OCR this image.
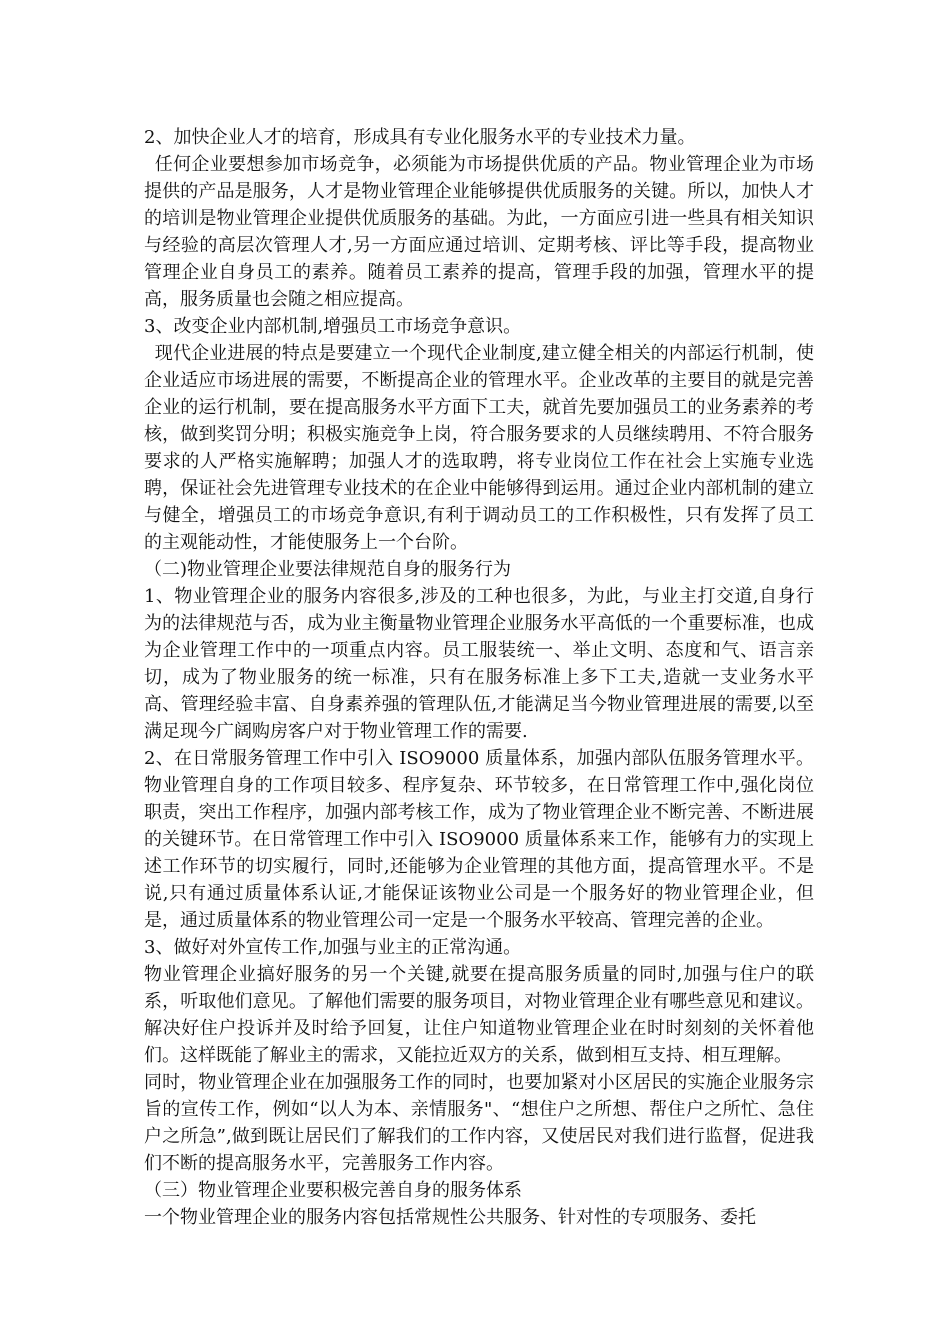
2、加快企业人才的培育，形成具有专业化服务水平的专业技术力量。

任何企业要想参加市场竞争，必须能为市场提供优质的产品。物业管理企业为市场提供的产品是服务，人才是物业管理企业能够提供优质服务的关键。所以，加快人才的培训是物业管理企业提供优质服务的基础。为此，一方面应引进一些具有相关知识与经验的高层次管理人才,另一方面应通过培训、定期考核、评比等手段，提高物业管理企业自身员工的素养。随着员工素养的提高，管理手段的加强，管理水平的提高，服务质量也会随之相应提高。

3、改变企业内部机制,增强员工市场竞争意识。

现代企业进展的特点是要建立一个现代企业制度,建立健全相关的内部运行机制，使企业适应市场进展的需要，不断提高企业的管理水平。企业改革的主要目的就是完善企业的运行机制，要在提高服务水平方面下工夫，就首先要加强员工的业务素养的考核，做到奖罚分明；积极实施竞争上岗，符合服务要求的人员继续聘用、不符合服务要求的人严格实施解聘；加强人才的选取聘，将专业岗位工作在社会上实施专业选聘，保证社会先进管理专业技术的在企业中能够得到运用。通过企业内部机制的建立与健全，增强员工的市场竞争意识,有利于调动员工的工作积极性，只有发挥了员工的主观能动性，才能使服务上一个台阶。

（二)物业管理企业要法律规范自身的服务行为

1、物业管理企业的服务内容很多,涉及的工种也很多，为此，与业主打交道,自身行为的法律规范与否，成为业主衡量物业管理企业服务水平高低的一个重要标准，也成为企业管理工作中的一项重点内容。员工服装统一、举止文明、态度和气、语言亲切，成为了物业服务的统一标准，只有在服务标准上多下工夫,造就一支业务水平高、管理经验丰富、自身素养强的管理队伍,才能满足当今物业管理进展的需要,以至满足现今广阔购房客户对于物业管理工作的需要.

2、在日常服务管理工作中引入 ISO9000 质量体系，加强内部队伍服务管理水平。物业管理自身的工作项目较多、程序复杂、环节较多，在日常管理工作中,强化岗位职责，突出工作程序，加强内部考核工作，成为了物业管理企业不断完善、不断进展的关键环节。在日常管理工作中引入 ISO9000 质量体系来工作，能够有力的实现上述工作环节的切实履行，同时,还能够为企业管理的其他方面，提高管理水平。不是说,只有通过质量体系认证,才能保证该物业公司是一个服务好的物业管理企业，但是，通过质量体系的物业管理公司一定是一个服务水平较高、管理完善的企业。

3、做好对外宣传工作,加强与业主的正常沟通。

物业管理企业搞好服务的另一个关键,就要在提高服务质量的同时,加强与住户的联系，听取他们意见。了解他们需要的服务项目，对物业管理企业有哪些意见和建议。解决好住户投诉并及时给予回复，让住户知道物业管理企业在时时刻刻的关怀着他们。这样既能了解业主的需求，又能拉近双方的关系，做到相互支持、相互理解。

同时，物业管理企业在加强服务工作的同时，也要加紧对小区居民的实施企业服务宗旨的宣传工作，例如“以人为本、亲情服务"、“想住户之所想、帮住户之所忙、急住户之所急”,做到既让居民们了解我们的工作内容，又使居民对我们进行监督，促进我们不断的提高服务水平，完善服务工作内容。

（三）物业管理企业要积极完善自身的服务体系

一个物业管理企业的服务内容包括常规性公共服务、针对性的专项服务、委托
